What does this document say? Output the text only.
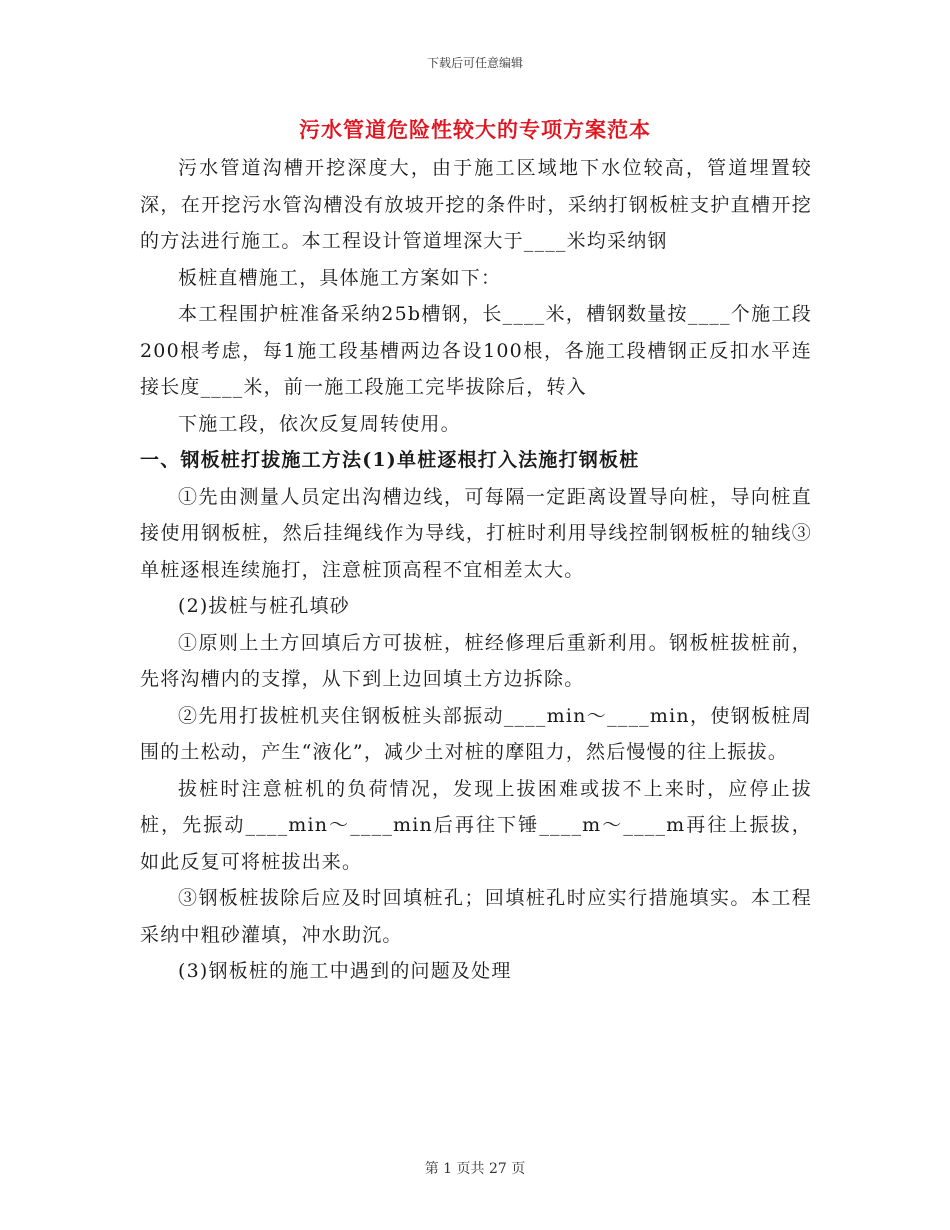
下载后可任意编辑
污水管道危险性较大的专项方案范本

污水管道沟槽开挖深度大，由于施工区域地下水位较高，管道埋置较深，在开挖污水管沟槽没有放坡开挖的条件时，采纳打钢板桩支护直槽开挖的方法进行施工。本工程设计管道埋深大于____米均采纳钢

板桩直槽施工，具体施工方案如下：

本工程围护桩准备采纳25b槽钢，长____米，槽钢数量按____个施工段200根考虑，每1施工段基槽两边各设100根，各施工段槽钢正反扣水平连接长度____米，前一施工段施工完毕拔除后，转入

下施工段，依次反复周转使用。

一、钢板桩打拔施工方法(1)单桩逐根打入法施打钢板桩

①先由测量人员定出沟槽边线，可每隔一定距离设置导向桩，导向桩直接使用钢板桩，然后挂绳线作为导线，打桩时利用导线控制钢板桩的轴线③单桩逐根连续施打，注意桩顶高程不宜相差太大。

(2)拔桩与桩孔填砂

①原则上土方回填后方可拔桩，桩经修理后重新利用。钢板桩拔桩前，先将沟槽内的支撑，从下到上边回填土方边拆除。

②先用打拔桩机夹住钢板桩头部振动____min～____min，使钢板桩周围的土松动，产生“液化”，减少土对桩的摩阻力，然后慢慢的往上振拔。

拔桩时注意桩机的负荷情况，发现上拔困难或拔不上来时，应停止拔桩，先振动____min～____min后再往下锤____m～____m再往上振拔，如此反复可将桩拔出来。

③钢板桩拔除后应及时回填桩孔；回填桩孔时应实行措施填实。本工程采纳中粗砂灌填，冲水助沉。

(3)钢板桩的施工中遇到的问题及处理

第 1 页共 27 页
